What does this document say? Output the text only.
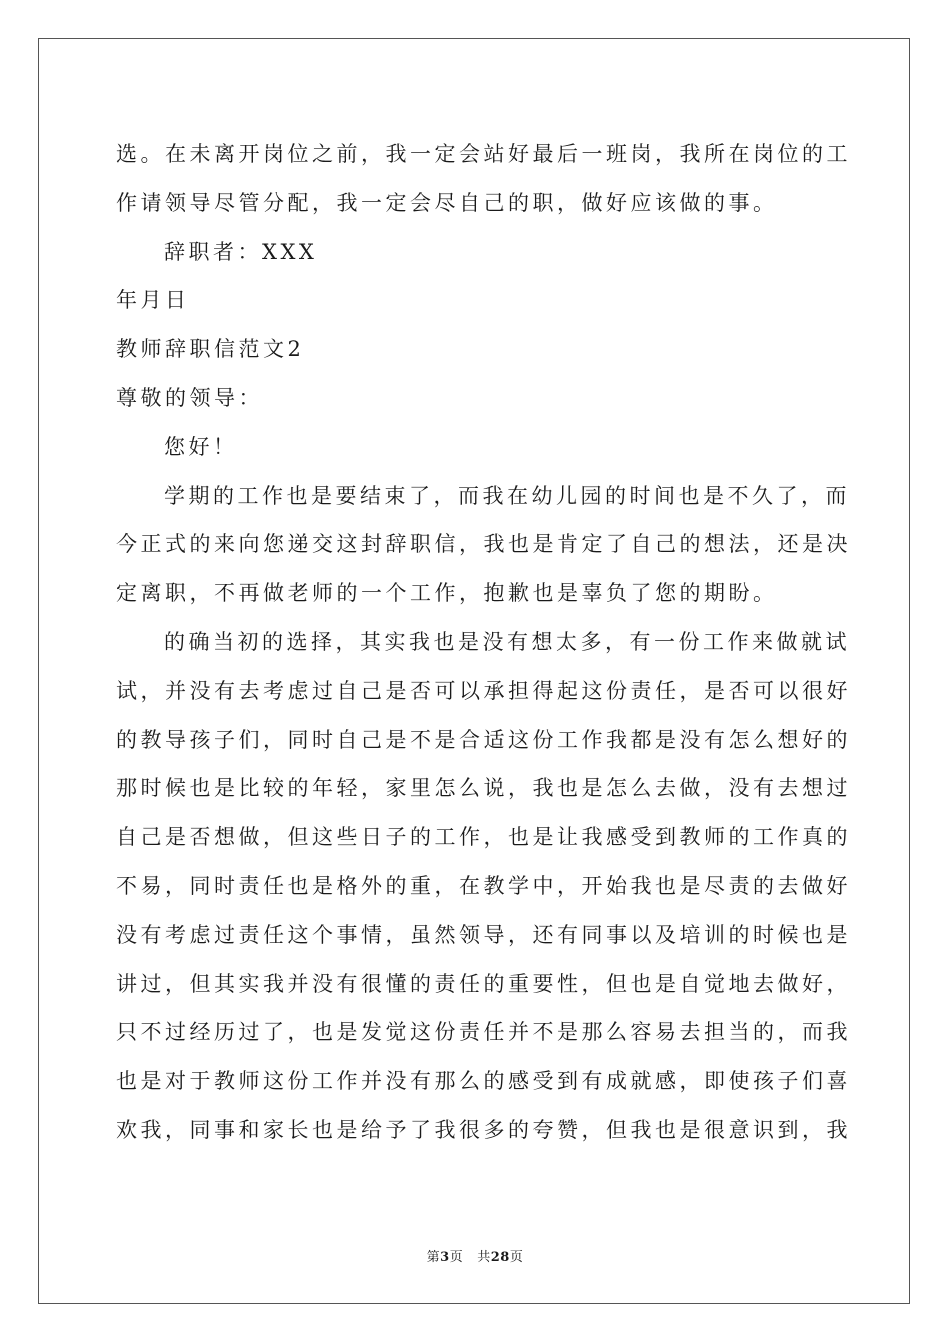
选。在未离开岗位之前，我一定会站好最后一班岗，我所在岗位的工
作请领导尽管分配，我一定会尽自己的职，做好应该做的事。
辞职者：XXX
年月日
教师辞职信范文2
尊敬的领导：
您好！
学期的工作也是要结束了，而我在幼儿园的时间也是不久了，而
今正式的来向您递交这封辞职信，我也是肯定了自己的想法，还是决
定离职，不再做老师的一个工作，抱歉也是辜负了您的期盼。
的确当初的选择，其实我也是没有想太多，有一份工作来做就试
试，并没有去考虑过自己是否可以承担得起这份责任，是否可以很好
的教导孩子们，同时自己是不是合适这份工作我都是没有怎么想好的
那时候也是比较的年轻，家里怎么说，我也是怎么去做，没有去想过
自己是否想做，但这些日子的工作，也是让我感受到教师的工作真的
不易，同时责任也是格外的重，在教学中，开始我也是尽责的去做好
没有考虑过责任这个事情，虽然领导，还有同事以及培训的时候也是
讲过，但其实我并没有很懂的责任的重要性，但也是自觉地去做好，
只不过经历过了，也是发觉这份责任并不是那么容易去担当的，而我
也是对于教师这份工作并没有那么的感受到有成就感，即使孩子们喜
欢我，同事和家长也是给予了我很多的夸赞，但我也是很意识到，我
第3页 共28页
